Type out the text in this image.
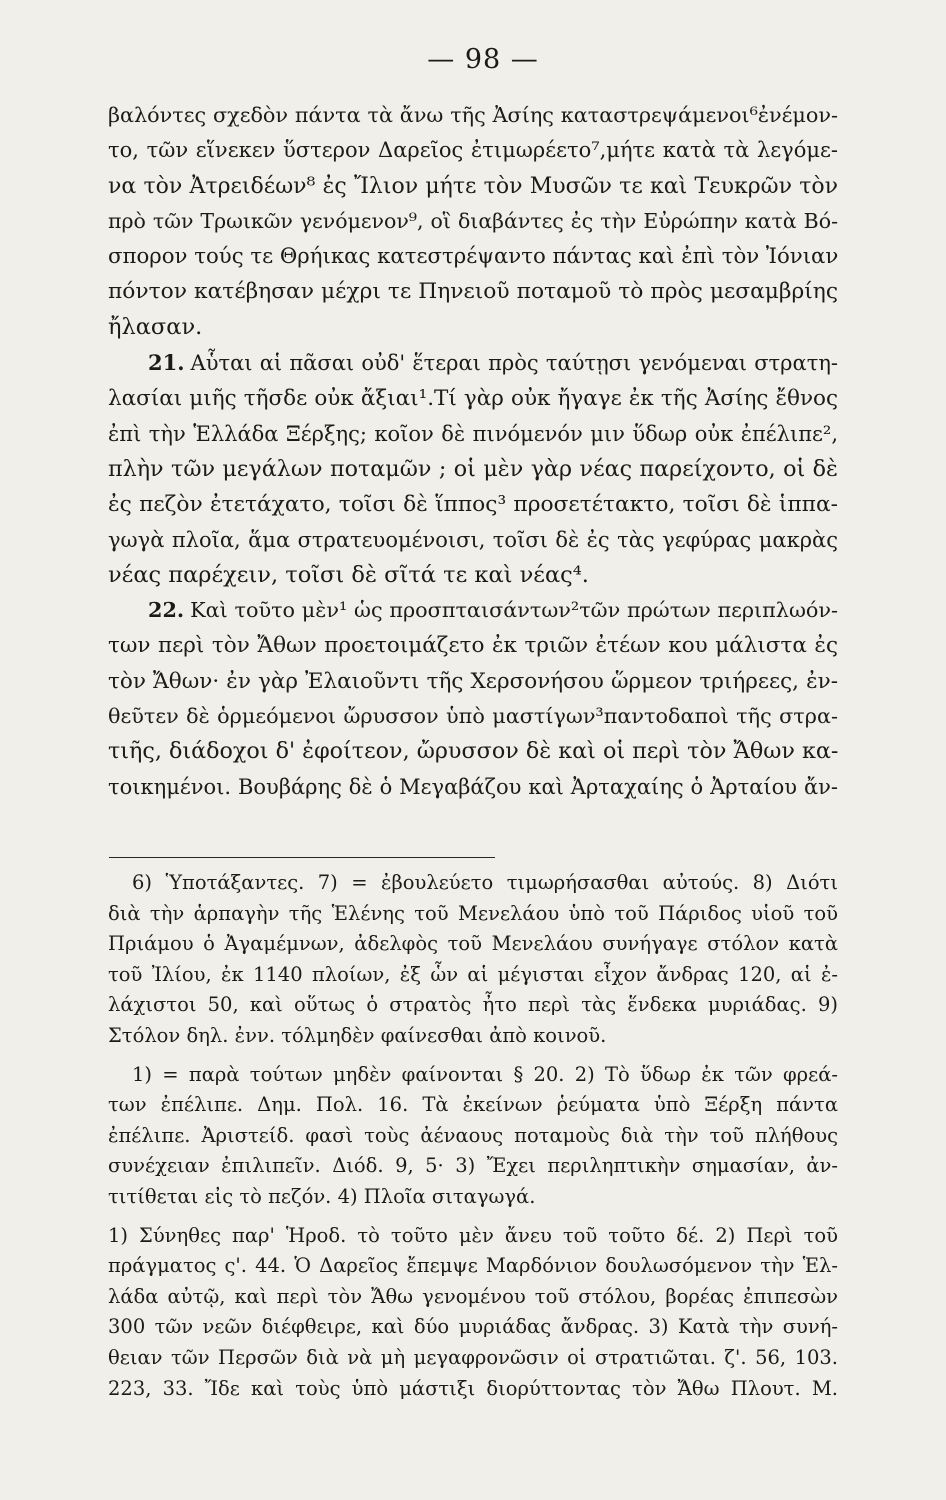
— 98 —
βαλόντες σχεδὸν πάντα τὰ ἄνω τῆς Ἀσίης καταστρεψάμενοι⁶ἐνέμον-
το, τῶν εἵνεκεν ὕστερον Δαρεῖος ἐτιμωρέετο⁷,μήτε κατὰ τὰ λεγόμε-
να τὸν Ἀτρειδέων⁸ ἐς Ἴλιον μήτε τὸν Μυσῶν τε καὶ Τευκρῶν τὸν
πρὸ τῶν Τρωικῶν γενόμενον⁹, οἳ διαβάντες ἐς τὴν Εὐρώπην κατὰ Βό-
σπορον τούς τε Θρήικας κατεστρέψαντο πάντας καὶ ἐπὶ τὸν Ἰόνιαν
πόντον κατέβησαν μέχρι τε Πηνειοῦ ποταμοῦ τὸ πρὸς μεσαμβρίης
ἤλασαν.
21. Αὗται αἱ πᾶσαι οὐδ' ἕτεραι πρὸς ταύτῃσι γενόμεναι στρατη-
λασίαι μιῆς τῆσδε οὐκ ἄξιαι¹.Τί γὰρ οὐκ ἤγαγε ἐκ τῆς Ἀσίης ἔθνος
ἐπὶ τὴν Ἑλλάδα Ξέρξης; κοῖον δὲ πινόμενόν μιν ὕδωρ οὐκ ἐπέλιπε²,
πλὴν τῶν μεγάλων ποταμῶν ; οἱ μὲν γὰρ νέας παρείχοντο, οἱ δὲ
ἐς πεζὸν ἐτετάχατο, τοῖσι δὲ ἵππος³ προσετέτακτο, τοῖσι δὲ ἱππα-
γωγὰ πλοῖα, ἅμα στρατευομένοισι, τοῖσι δὲ ἐς τὰς γεφύρας μακρὰς
νέας παρέχειν, τοῖσι δὲ σῖτά τε καὶ νέας⁴.
22. Καὶ τοῦτο μὲν¹ ὡς προσπταισάντων²τῶν πρώτων περιπλωόν-
των περὶ τὸν Ἄθων προετοιμάζετο ἐκ τριῶν ἐτέων κου μάλιστα ἐς
τὸν Ἄθων· ἐν γὰρ Ἐλαιοῦντι τῆς Χερσονήσου ὥρμεον τριήρεες, ἐν-
θεῦτεν δὲ ὁρμεόμενοι ὤρυσσον ὑπὸ μαστίγων³παντοδαποὶ τῆς στρα-
τιῆς, διάδοχοι δ' ἐφοίτεον, ὤρυσσον δὲ καὶ οἱ περὶ τὸν Ἄθων κα-
τοικημένοι. Βουβάρης δὲ ὁ Μεγαβάζου καὶ Ἀρταχαίης ὁ Ἀρταίου ἄν-
6) Ὑποτάξαντες. 7) = ἐβουλεύετο τιμωρήσασθαι αὐτούς. 8) Διότι
διὰ τὴν ἁρπαγὴν τῆς Ἑλένης τοῦ Μενελάου ὑπὸ τοῦ Πάριδος υἱοῦ τοῦ
Πριάμου ὁ Ἀγαμέμνων, ἀδελφὸς τοῦ Μενελάου συνήγαγε στόλον κατὰ
τοῦ Ἰλίου, ἐκ 1140 πλοίων, ἐξ ὧν αἱ μέγισται εἶχον ἄνδρας 120, αἱ ἐ-
λάχιστοι 50, καὶ οὕτως ὁ στρατὸς ἦτο περὶ τὰς ἕνδεκα μυριάδας. 9)
Στόλον δηλ. ἐνν. τόλμηδὲν φαίνεσθαι ἀπὸ κοινοῦ.
1) = παρὰ τούτων μηδὲν φαίνονται § 20. 2) Τὸ ὕδωρ ἐκ τῶν φρεά-
των ἐπέλιπε. Δημ. Πολ. 16. Τὰ ἐκείνων ῥεύματα ὑπὸ Ξέρξη πάντα
ἐπέλιπε. Ἀριστείδ. φασὶ τοὺς ἀέναους ποταμοὺς διὰ τὴν τοῦ πλήθους
συνέχειαν ἐπιλιπεῖν. Διόδ. 9, 5· 3) Ἔχει περιληπτικὴν σημασίαν, ἀν-
τιτίθεται εἰς τὸ πεζόν. 4) Πλοῖα σιταγωγά.
1) Σύνηθες παρ' Ἡροδ. τὸ τοῦτο μὲν ἄνευ τοῦ τοῦτο δέ. 2) Περὶ τοῦ
πράγματος ς'. 44. Ὁ Δαρεῖος ἔπεμψε Μαρδόνιον δουλωσόμενον τὴν Ἑλ-
λάδα αὐτῷ, καὶ περὶ τὸν Ἄθω γενομένου τοῦ στόλου, βορέας ἐπιπεσὼν
300 τῶν νεῶν διέφθειρε, καὶ δύο μυριάδας ἄνδρας. 3) Κατὰ τὴν συνή-
θειαν τῶν Περσῶν διὰ νὰ μὴ μεγαφρονῶσιν οἱ στρατιῶται. ζ'. 56, 103.
223, 33. Ἴδε καὶ τοὺς ὑπὸ μάστιξι διορύττοντας τὸν Ἄθω Πλουτ. Μ.
